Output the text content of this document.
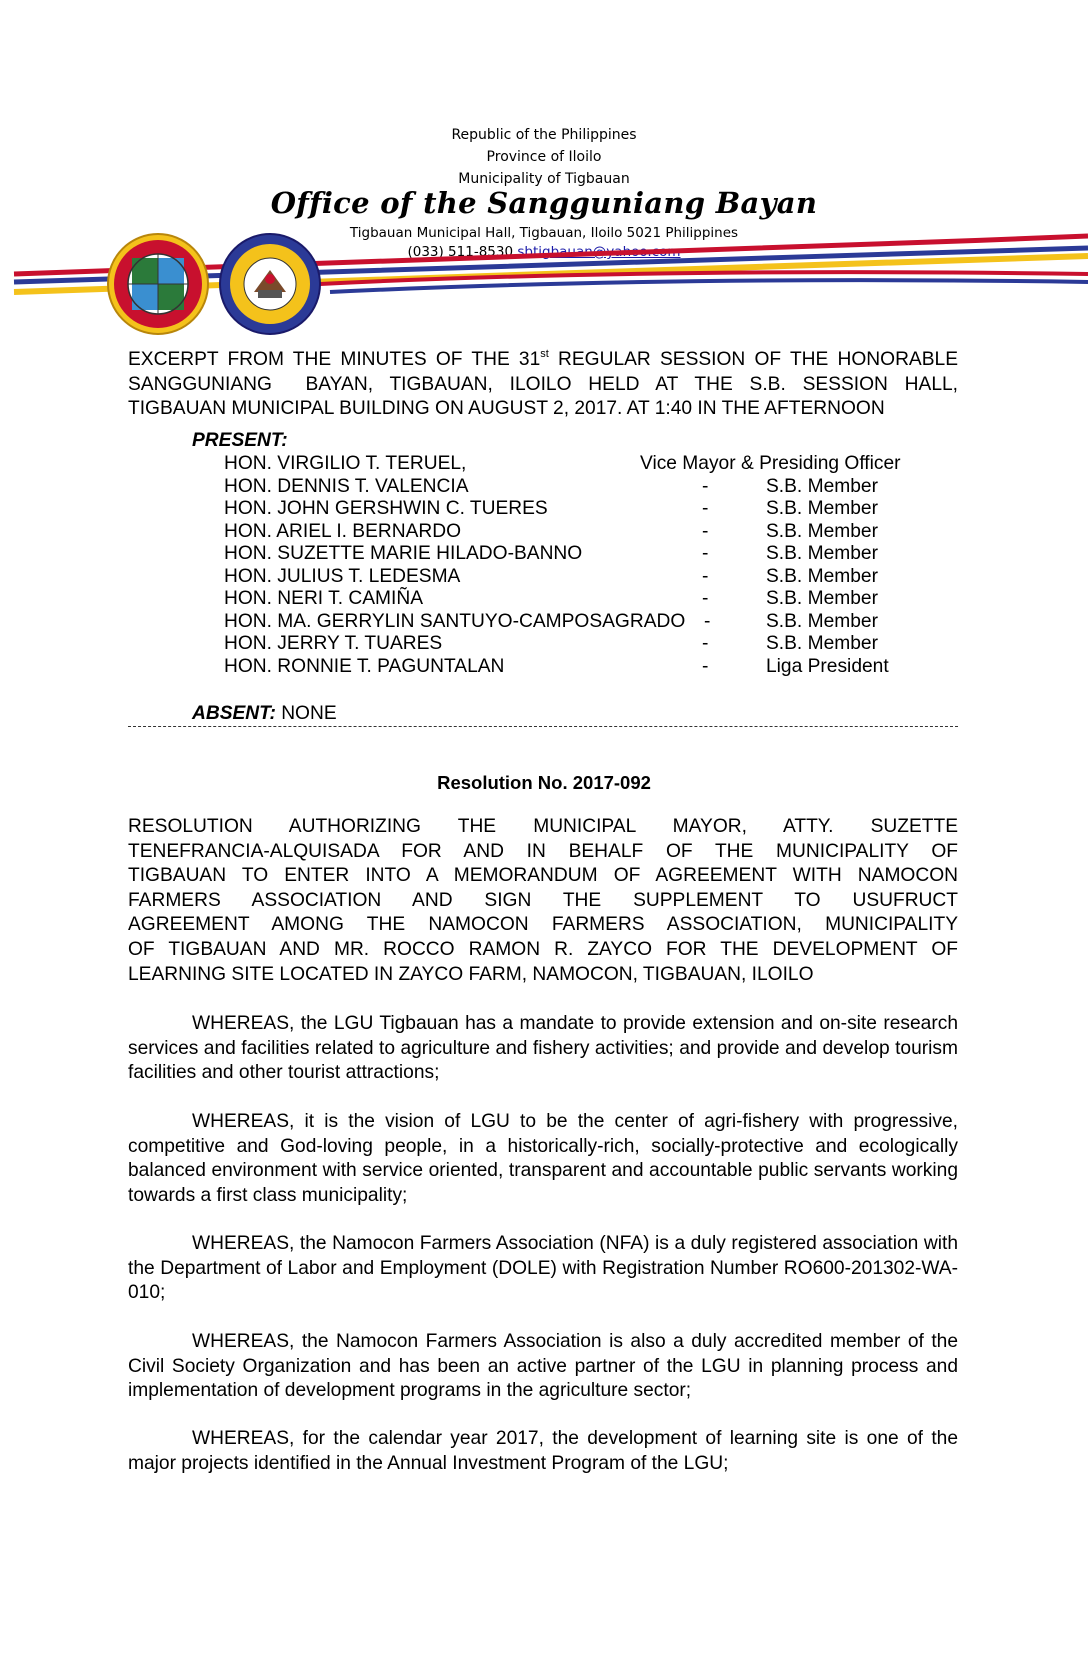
Republic of the Philippines
Province of Iloilo
Municipality of Tigbauan
Office of the Sangguniang Bayan
Tigbauan Municipal Hall, Tigbauan, Iloilo 5021 Philippines
(033) 511-8530 sbtigbauan@yahoo.com

EXCERPT FROM THE MINUTES OF THE 31st REGULAR SESSION OF THE HONORABLE

SANGGUNIANG  BAYAN, TIGBAUAN, ILOILO HELD AT THE S.B. SESSION HALL,

TIGBAUAN MUNICIPAL BUILDING ON AUGUST 2, 2017. AT 1:40 IN THE AFTERNOON

PRESENT:
HON. VIRGILIO T. TERUEL,	Vice Mayor & Presiding Officer
HON. DENNIS T. VALENCIA	-	S.B. Member
HON. JOHN GERSHWIN C. TUERES	-	S.B. Member
HON. ARIEL I. BERNARDO	-	S.B. Member
HON. SUZETTE MARIE HILADO-BANNO	-	S.B. Member
HON. JULIUS T. LEDESMA	-	S.B. Member
HON. NERI T. CAMIÑA	-	S.B. Member
HON. MA. GERRYLIN SANTUYO-CAMPOSAGRADO -	S.B. Member
HON. JERRY T. TUARES	-	S.B. Member
HON. RONNIE T. PAGUNTALAN	-	Liga President
ABSENT: NONE
Resolution No. 2017-092

RESOLUTION AUTHORIZING THE MUNICIPAL MAYOR, ATTY. SUZETTE

TENEFRANCIA-ALQUISADA FOR AND IN BEHALF OF THE MUNICIPALITY OF

TIGBAUAN TO ENTER INTO A MEMORANDUM OF AGREEMENT WITH NAMOCON

FARMERS ASSOCIATION AND SIGN THE SUPPLEMENT TO USUFRUCT

AGREEMENT AMONG THE NAMOCON FARMERS ASSOCIATION, MUNICIPALITY

OF TIGBAUAN AND MR. ROCCO RAMON R. ZAYCO FOR THE DEVELOPMENT OF

LEARNING SITE LOCATED IN ZAYCO FARM, NAMOCON, TIGBAUAN, ILOILO

WHEREAS, the LGU Tigbauan has a mandate to provide extension and on-site research services and facilities related to agriculture and fishery activities; and provide and develop tourism facilities and other tourist attractions;

WHEREAS, it is the vision of LGU to be the center of agri-fishery with progressive, competitive and God-loving people, in a historically-rich, socially-protective and ecologically balanced environment with service oriented, transparent and accountable public servants working towards a first class municipality;

WHEREAS, the Namocon Farmers Association (NFA) is a duly registered association with the Department of Labor and Employment (DOLE) with Registration Number RO600-201302-WA-010;

WHEREAS, the Namocon Farmers Association is also a duly accredited member of the Civil Society Organization and has been an active partner of the LGU in planning process and implementation of development programs in the agriculture sector;

WHEREAS, for the calendar year 2017, the development of learning site is one of the major projects identified in the Annual Investment Program of the LGU;
